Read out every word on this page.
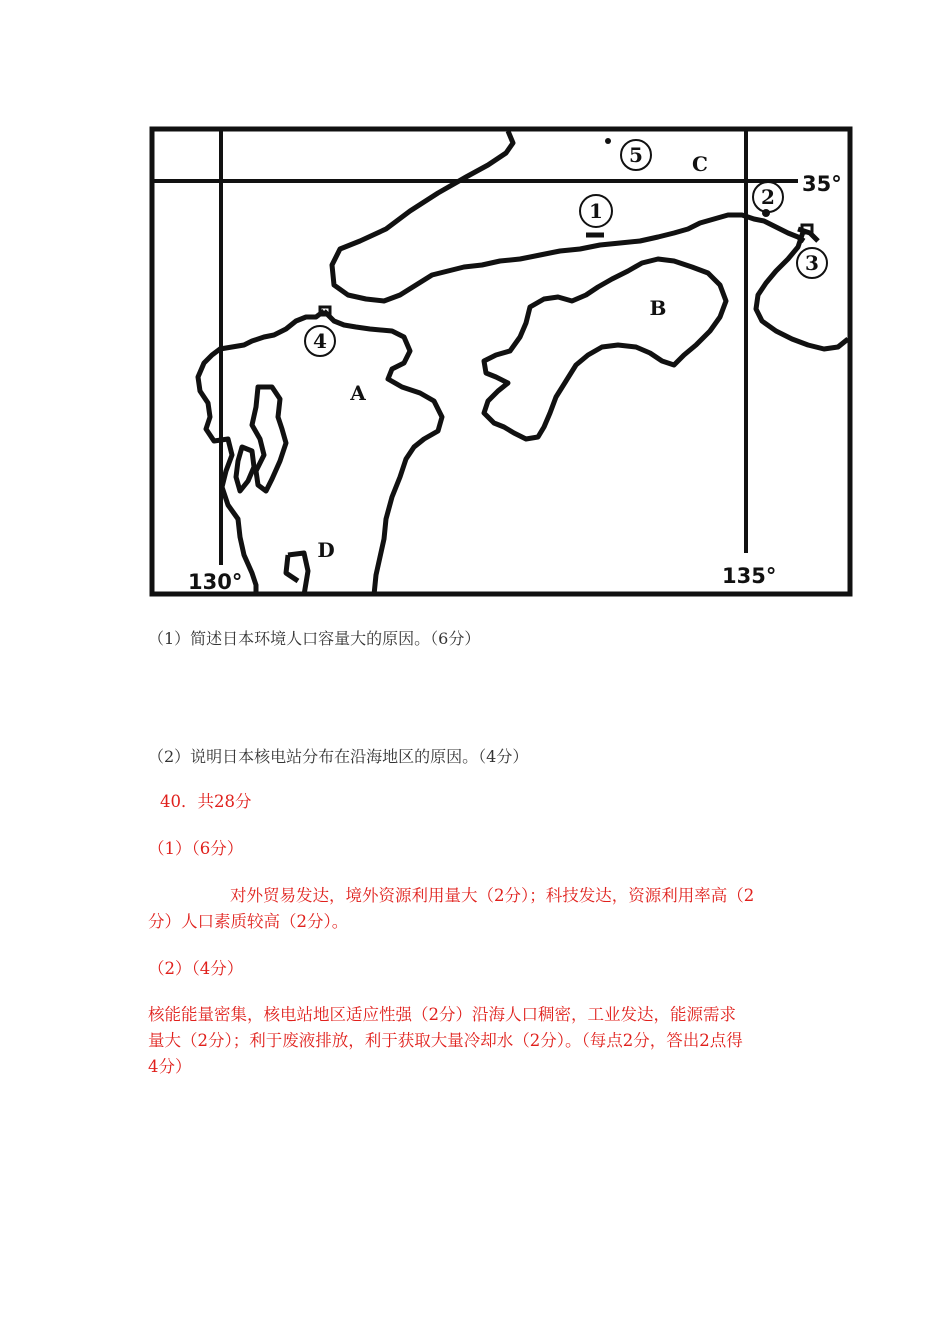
5
1
2
3
4
A
B
C
D
35°
130°	135°
（1）简述日本环境人口容量大的原因。（6分）
（2）说明日本核电站分布在沿海地区的原因。（4分）
40．共28分
（1）（6分）
对外贸易发达，境外资源利用量大（2分）；科技发达，资源利用率高（2
分）人口素质较高（2分）。
（2）（4分）
核能能量密集，核电站地区适应性强（2分）沿海人口稠密，工业发达，能源需求
量大（2分）；利于废液排放，利于获取大量冷却水（2分）。（每点2分，答出2点得
4分）
